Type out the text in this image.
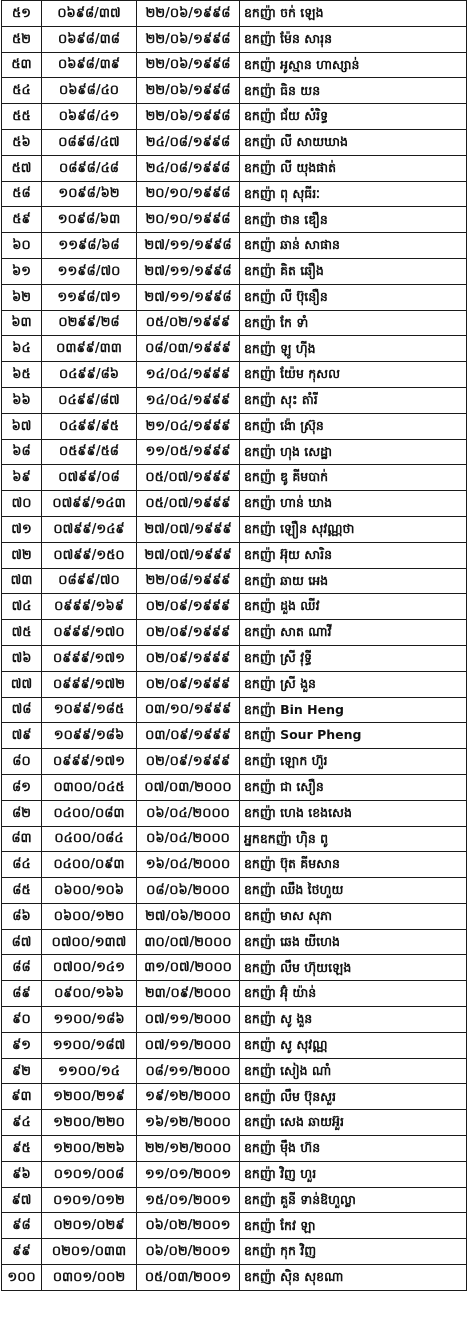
៥១	០៦៩៨/៣៧	២២/០៦/១៩៩៨	ឧកញ៉ា ចក់ ឡេង
៥២	០៦៩៨/៣៨	២២/០៦/១៩៩៨	ឧកញ៉ា ម៉ែន សារុន
៥៣	០៦៩៨/៣៩	២២/០៦/១៩៩៨	ឧកញ៉ា អូស្មាន ហាស្សាន់
៥៤	០៦៩៨/៤០	២២/០៦/១៩៩៨	ឧកញ៉ា ធិន យន
៥៥	០៦៩៨/៤១	២២/០៦/១៩៩៨	ឧកញ៉ា ជ័យ សំរិទ្ធ
៥៦	០៨៩៨/៤៧	២៤/០៨/១៩៩៨	ឧកញ៉ា លី សាយឃាង
៥៧	០៨៩៨/៤៨	២៤/០៨/១៩៩៨	ឧកញ៉ា លី យុងផាត់
៥៨	១០៩៨/៦២	២០/១០/១៩៩៨	ឧកញ៉ា ពុ សុធីរៈ
៥៩	១០៩៨/៦៣	២០/១០/១៩៩៨	ឧកញ៉ា ថាន ឌឿន
៦០	១១៩៨/៦៨	២៧/១១/១៩៩៨	ឧកញ៉ា ឆាន់ សាផាន
៦១	១១៩៨/៧០	២៧/១១/១៩៩៨	ឧកញ៉ា គិត ឆឿង
៦២	១១៩៨/៧១	២៧/១១/១៩៩៨	ឧកញ៉ា លី ប៊ុនឿន
៦៣	០២៩៩/២៨	០៥/០២/១៩៩៩	ឧកញ៉ា កែ ទាំ
៦៤	០៣៩៩/៣៣	០៨/០៣/១៩៩៩	ឧកញ៉ា ឡូ ហ៊ីង
៦៥	០៤៩៩/៨៦	១៤/០៤/១៩៩៩	ឧកញ៉ា យ៉ែម កុសល
៦៦	០៤៩៩/៨៧	១៤/០៤/១៩៩៩	ឧកញ៉ា សុះ តាំរី
៦៧	០៤៩៩/៩៥	២១/០៤/១៩៩៩	ឧកញ៉ា ង៉ោ ស្រ៊ុន
៦៨	០៥៩៩/៥៨	១១/០៥/១៩៩៩	ឧកញ៉ា ហុង សេដ្ឋា
៦៩	០៧៩៩/០៨	០៥/០៧/១៩៩៩	ឧកញ៉ា ឌូ គីមបាក់
៧០	០៧៩៩/១៤៣	០៥/០៧/១៩៩៩	ឧកញ៉ា ហាន់ ឃាង
៧១	០៧៩៩/១៤៩	២៧/០៧/១៩៩៩	ឧកញ៉ា ឡឿន សុវណ្ណថា
៧២	០៧៩៩/១៥០	២៧/០៧/១៩៩៩	ឧកញ៉ា អ៊ុយ សារិន
៧៣	០៨៩៩/៧០	២២/០៨/១៩៩៩	ឧកញ៉ា ឆាយ អេង
៧៤	០៩៩៩/១៦៩	០២/០៩/១៩៩៩	ឧកញ៉ា ដួង ឈីវ
៧៥	០៩៩៩/១៧០	០២/០៩/១៩៩៩	ឧកញ៉ា សាត ណាវី
៧៦	០៩៩៩/១៧១	០២/០៩/១៩៩៩	ឧកញ៉ា ស្រី វុទ្ធី
៧៧	០៩៩៩/១៧២	០២/០៩/១៩៩៩	ឧកញ៉ា ស្រី ងួន
៧៨	១០៩៩/១៨៥	០៣/១០/១៩៩៩	ឧកញ៉ា Bin Heng
៧៩	១០៩៩/១៨៦	០៣/០៩/១៩៩៩	ឧកញ៉ា Sour Pheng
៨០	០៩៩៩/១៧១	០២/០៩/១៩៩៩	ឧកញ៉ា ឡោក ហ៊ួរ
៨១	០៣០០/០៤៥	០៧/០៣/២០០០	ឧកញ៉ា ជា សឿន
៨២	០៤០០/០៨៣	០៦/០៤/២០០០	ឧកញ៉ា ហេង ខេងសេង
៨៣	០៤០០/០៨៤	០៦/០៤/២០០០	អ្នកឧកញ៉ា ហ៊ិន ពូ
៨៤	០៤០០/០៩៣	១៦/០៤/២០០០	ឧកញ៉ា ប៊ុត គីមសាន
៨៥	០៦០០/១០៦	០៨/០៦/២០០០	ឧកញ៉ា ឈឹង ថៃហួយ
៨៦	០៦០០/១២០	២៧/០៦/២០០០	ឧកញ៉ា មាស សុភា
៨៧	០៧០០/១៣៧	៣០/០៧/២០០០	ឧកញ៉ា ឆេង យីហេង
៨៨	០៧០០/១៤១	៣១/០៧/២០០០	ឧកញ៉ា លឹម ហ៊ុយឡេង
៨៩	០៩០០/១៦៦	២៣/០៩/២០០០	ឧកញ៉ា អ៊ុំ យ៉ាន់
៩០	១១០០/១៨៦	០៧/១១/២០០០	ឧកញ៉ា សូ ងួន
៩១	១១០០/១៨៧	០៧/១១/២០០០	ឧកញ៉ា សូ សុវណ្ណ
៩២	១១០០/១៤	០៨/១១/២០០០	ឧកញ៉ា សៀង ណាំ
៩៣	១២០០/២១៩	១៩/១២/២០០០	ឧកញ៉ា លឹម ប៊ុនសួរ
៩៤	១២០០/២២០	១៦/១២/២០០០	ឧកញ៉ា សេង ឆាយអ៊ួរ
៩៥	១២០០/២២៦	២២/១២/២០០០	ឧកញ៉ា ម៉ឹង ហ៊ន
៩៦	០១០១/០០៨	១១/០១/២០០១	ឧកញ៉ា វិញ ហួរ
៩៧	០១០១/០១២	១៥/០១/២០០១	ឧកញ៉ា គួនី ទាន់ឱហួល្លា
៩៨	០២០១/០២៩	០៦/០២/២០០១	ឧកញ៉ា កែវ ឡា
៩៩	០២០១/០៣៣	០៦/០២/២០០១	ឧកញ៉ា កុក វិញ
១០០	០៣០១/០០២	០៥/០៣/២០០១	ឧកញ៉ា ស៊ិន សុខណា
